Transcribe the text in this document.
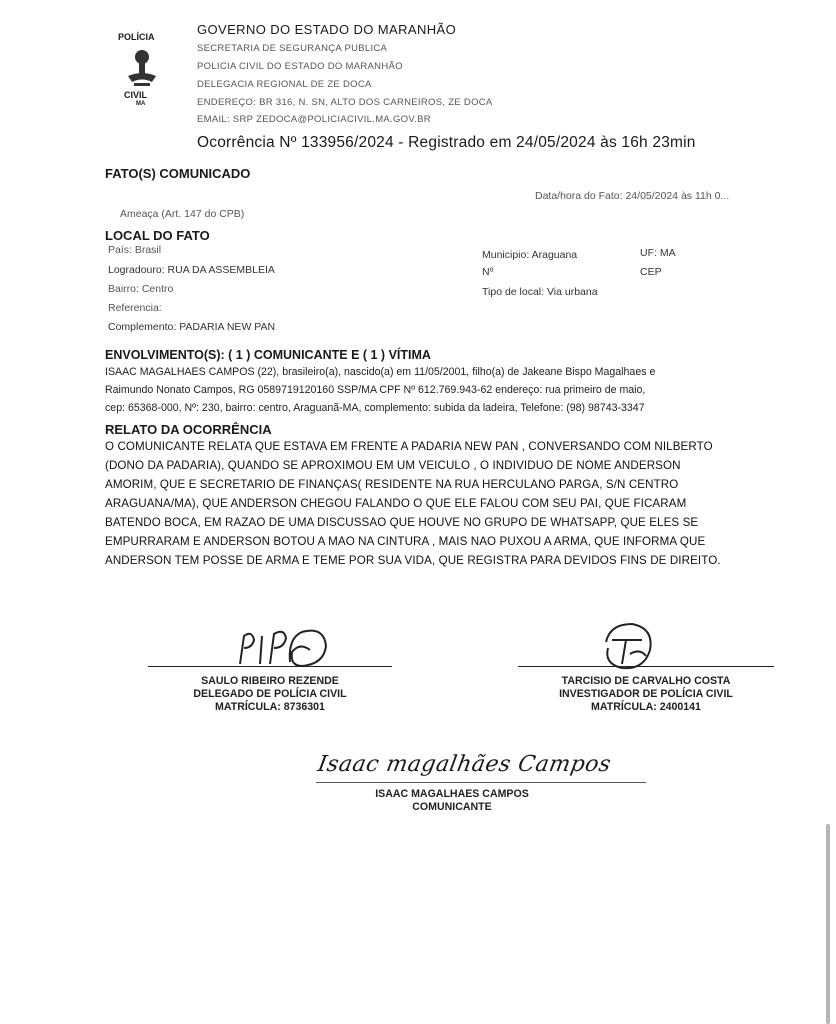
POLÍCIA
CIVIL
MA
GOVERNO DO ESTADO DO MARANHÃO
SECRETARIA DE SEGURANÇA PUBLICA
POLICIA CIVIL DO ESTADO DO MARANHÃO
DELEGACIA REGIONAL DE ZE DOCA
ENDEREÇO: BR 316, N. SN, ALTO DOS CARNEIROS, ZE DOCA
EMAIL: SRP ZEDOCA@POLICIACIVIL.MA.GOV.BR
Ocorrência Nº 133956/2024 - Registrado em 24/05/2024 às 16h 23min
FATO(S) COMUNICADO
Data/hora do Fato: 24/05/2024 às 11h 0...
Ameaça (Art. 147 do CPB)
LOCAL DO FATO
País: Brasil
Logradouro: RUA DA ASSEMBLEIA
Bairro: Centro
Referencia:
Complemento: PADARIA NEW PAN
Municipio: Araguana	UF: MA
Nº	CEP
Tipo de local: Via urbana
ENVOLVIMENTO(S): ( 1 ) COMUNICANTE E ( 1 ) VÍTIMA
ISAAC MAGALHAES CAMPOS (22), brasileiro(a), nascido(a) em 11/05/2001, filho(a) de Jakeane Bispo Magalhaes e
Raimundo Nonato Campos, RG 0589719120160 SSP/MA CPF Nº 612.769.943-62 endereço: rua primeiro de maio,
cep: 65368-000, Nº: 230, bairro: centro, Araguanã-MA, complemento: subida da ladeira, Telefone: (98) 98743-3347
RELATO DA OCORRÊNCIA
O COMUNICANTE RELATA QUE ESTAVA EM FRENTE A PADARIA NEW PAN , CONVERSANDO COM NILBERTO
(DONO DA PADARIA), QUANDO SE APROXIMOU EM UM VEICULO , O INDIVIDUO DE NOME ANDERSON
AMORIM, QUE E SECRETARIO DE FINANÇAS( RESIDENTE NA RUA HERCULANO PARGA, S/N CENTRO
ARAGUANA/MA), QUE ANDERSON CHEGOU FALANDO O QUE ELE FALOU COM SEU PAI, QUE FICARAM
BATENDO BOCA, EM RAZAO DE UMA DISCUSSAO QUE HOUVE NO GRUPO DE WHATSAPP, QUE ELES SE
EMPURRARAM E ANDERSON BOTOU A MAO NA CINTURA , MAIS NAO PUXOU A ARMA, QUE INFORMA QUE
ANDERSON TEM POSSE DE ARMA E TEME POR SUA VIDA, QUE REGISTRA PARA DEVIDOS FINS DE DIREITO.
SAULO RIBEIRO REZENDE
DELEGADO DE POLÍCIA CIVIL
MATRÍCULA: 8736301
TARCISIO DE CARVALHO COSTA
INVESTIGADOR DE POLÍCIA CIVIL
MATRÍCULA: 2400141
Isaac magalhães Campos
ISAAC MAGALHAES CAMPOS
COMUNICANTE
